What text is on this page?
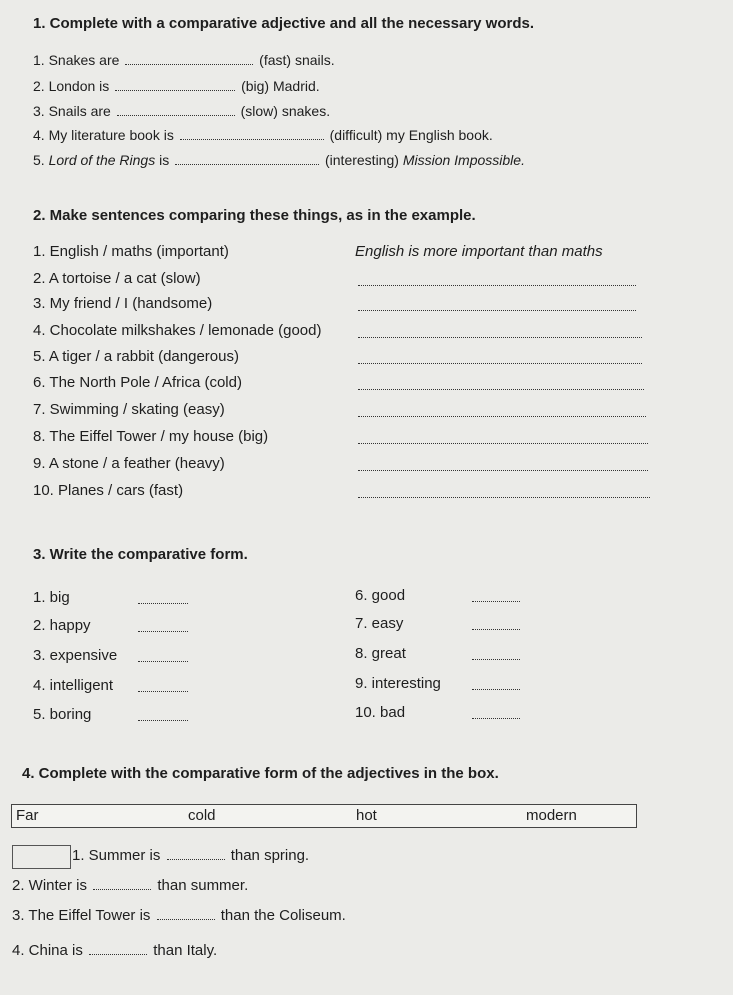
1. Complete with a comparative adjective and all the necessary words.
1. Snakes are	(fast) snails.
2. London is	(big) Madrid.
3. Snails are	(slow) snakes.
4. My literature book is	(difficult) my English book.
5. Lord of the Rings is	(interesting) Mission Impossible.
2. Make sentences comparing these things, as in the example.
1. English / maths (important)	English is more important than maths
2. A tortoise / a cat (slow)
3. My friend / I (handsome)
4. Chocolate milkshakes / lemonade (good)
5. A tiger / a rabbit (dangerous)
6. The North Pole / Africa (cold)
7. Swimming / skating (easy)
8. The Eiffel Tower / my house (big)
9. A stone / a feather (heavy)
10. Planes / cars (fast)
3. Write the comparative form.
1. big	6. good
2. happy	7. easy
3. expensive	8. great
4. intelligent	9. interesting
5. boring	10. bad
4. Complete with the comparative form of the adjectives in the box.
Far	cold	hot	modern
1. Summer is	than spring.
2. Winter is	than summer.
3. The Eiffel Tower is	than the Coliseum.
4. China is	than Italy.
